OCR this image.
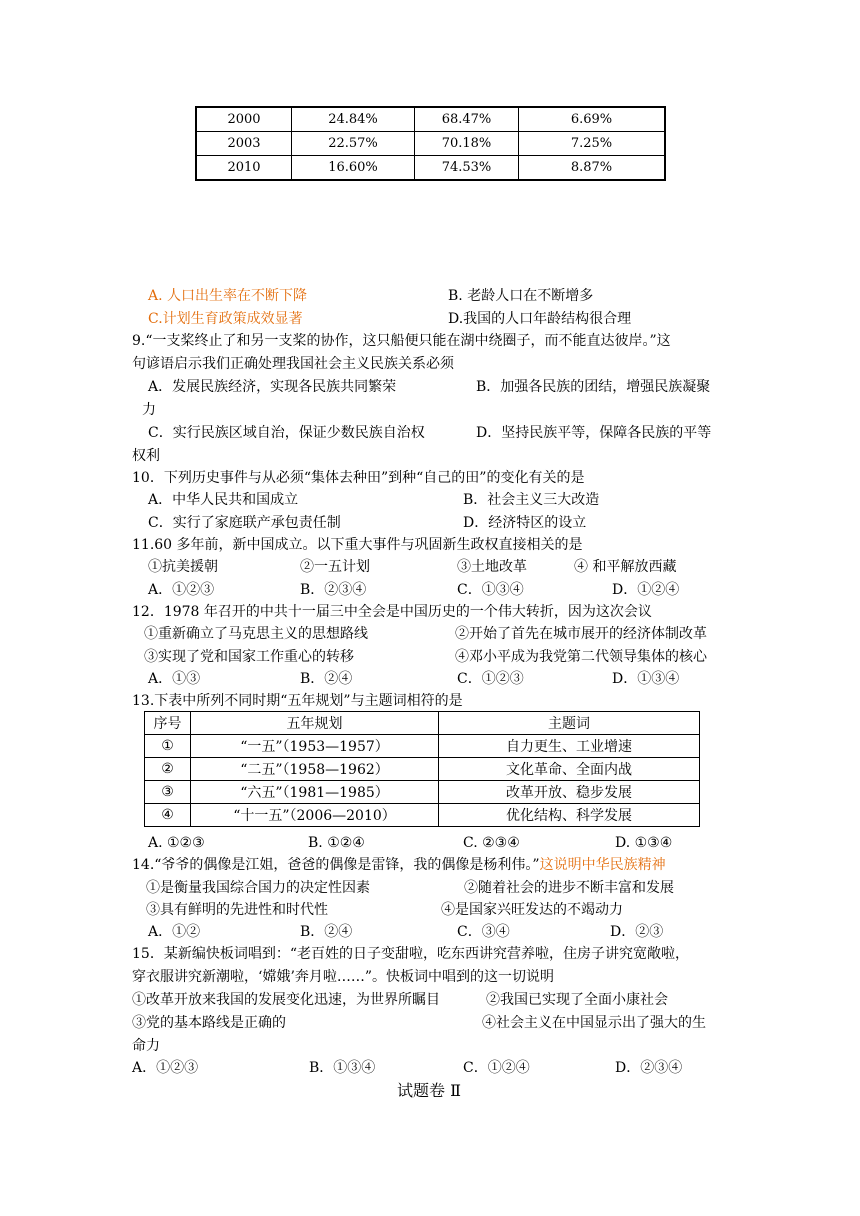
2000	24.84%	68.47%	6.69%
2003	22.57%	70.18%	7.25%
2010	16.60%	74.53%	8.87%
A. 人口出生率在不断下降	B. 老龄人口在不断增多
C.计划生育政策成效显著	D.我国的人口年龄结构很合理
9.“一支桨终止了和另一支桨的协作，这只船便只能在湖中绕圈子，而不能直达彼岸。”这
句谚语启示我们正确处理我国社会主义民族关系必须
A．发展民族经济，实现各民族共同繁荣	B．加强各民族的团结，增强民族凝聚
力
C．实行民族区域自治，保证少数民族自治权	D．坚持民族平等，保障各民族的平等
权利
10．下列历史事件与从必须“集体去种田”到种“自己的田”的变化有关的是
A．中华人民共和国成立	B．社会主义三大改造
C．实行了家庭联产承包责任制	D．经济特区的设立
11.60 多年前，新中国成立。以下重大事件与巩固新生政权直接相关的是
①抗美援朝	②一五计划	③土地改革	④ 和平解放西藏
A．①②③	B．②③④	C．①③④	D．①②④
12．1978 年召开的中共十一届三中全会是中国历史的一个伟大转折，因为这次会议
①重新确立了马克思主义的思想路线	②开始了首先在城市展开的经济体制改革
③实现了党和国家工作重心的转移	④邓小平成为我党第二代领导集体的核心
A．①③	B．②④	C．①②③	D．①③④
13.下表中所列不同时期“五年规划”与主题词相符的是
序号	五年规划	主题词
①	“一五”（1953—1957）	自力更生、工业增速
②	“二五”（1958—1962）	文化革命、全面内战
③	“六五”（1981—1985）	改革开放、稳步发展
④	“十一五”（2006—2010）	优化结构、科学发展
A. ①②③	B. ①②④	C. ②③④	D. ①③④
14.“爷爷的偶像是江姐，爸爸的偶像是雷锋，我的偶像是杨利伟。”这说明中华民族精神
①是衡量我国综合国力的决定性因素	②随着社会的进步不断丰富和发展
③具有鲜明的先进性和时代性	④是国家兴旺发达的不竭动力
A．①②	B．②④	C．③④	D．②③
15．某新编快板词唱到：“老百姓的日子变甜啦，吃东西讲究营养啦，住房子讲究宽敞啦，
穿衣服讲究新潮啦，‘嫦娥’奔月啦……”。快板词中唱到的这一切说明
①改革开放来我国的发展变化迅速，为世界所瞩目	②我国已实现了全面小康社会
③党的基本路线是正确的	④社会主义在中国显示出了强大的生
命力
A．①②③	B．①③④	C．①②④	D．②③④
试题卷 Ⅱ
